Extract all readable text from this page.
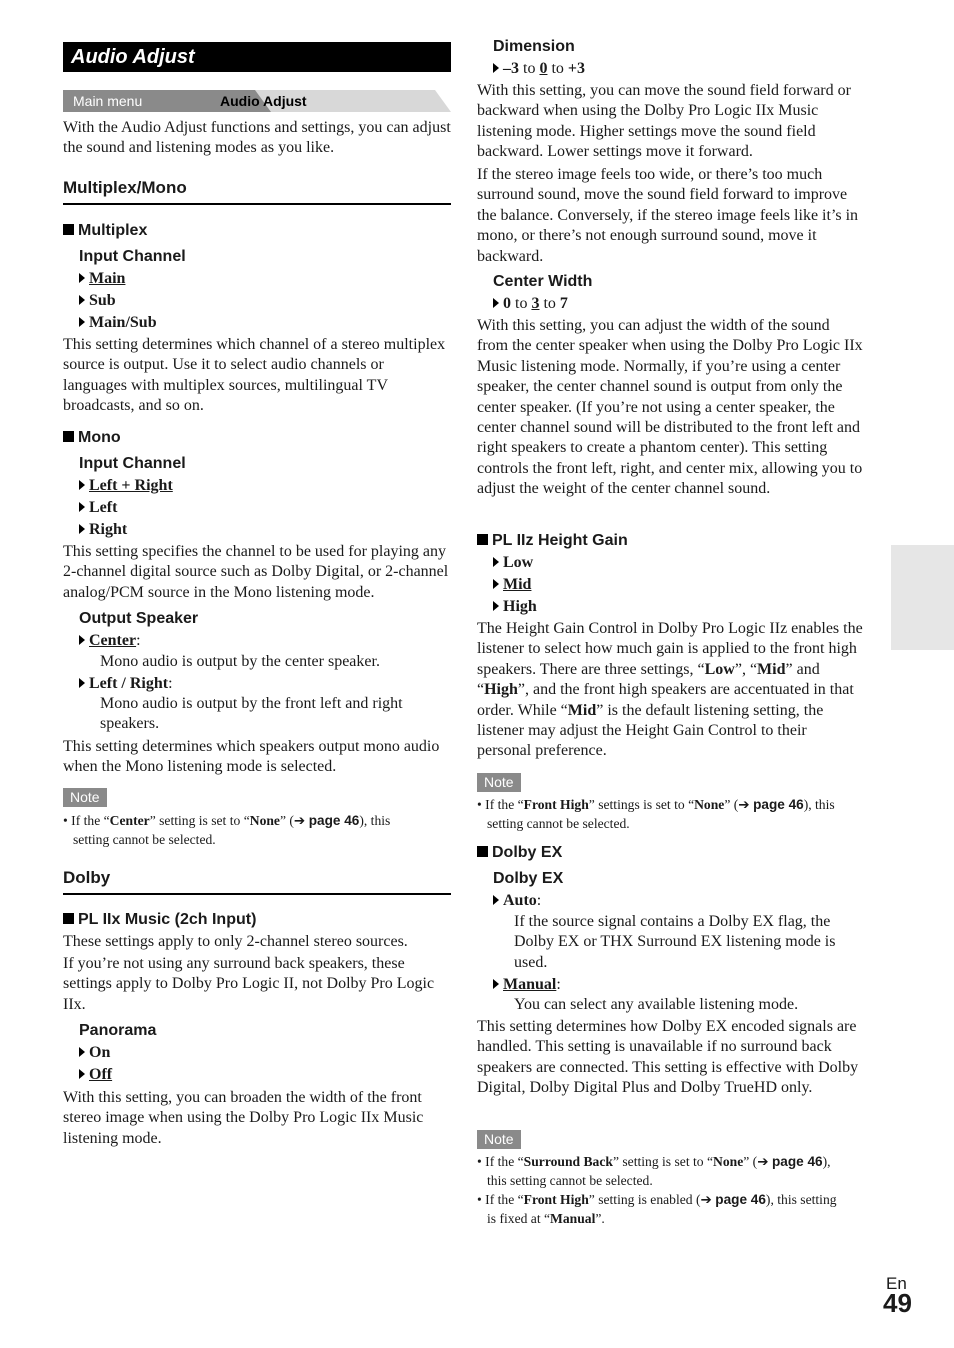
Audio Adjust
Main menu	Audio Adjust
With the Audio Adjust functions and settings, you can adjust the sound and listening modes as you like.
Multiplex/Mono
Multiplex
Input Channel
Main
Sub
Main/Sub
This setting determines which channel of a stereo multiplex source is output. Use it to select audio channels or languages with multiplex sources, multilingual TV broadcasts, and so on.
Mono
Input Channel
Left + Right
Left
Right
This setting specifies the channel to be used for playing any 2-channel digital source such as Dolby Digital, or 2-channel analog/PCM source in the Mono listening mode.
Output Speaker
Center:
Mono audio is output by the center speaker.
Left / Right:
Mono audio is output by the front left and right speakers.
This setting determines which speakers output mono audio when the Mono listening mode is selected.
Note
• If the “Center” setting is set to “None” (➔ page 46), this
setting cannot be selected.
Dolby
PL IIx Music (2ch Input)
These settings apply to only 2-channel stereo sources.
If you’re not using any surround back speakers, these settings apply to Dolby Pro Logic II, not Dolby Pro Logic IIx.
Panorama
On
Off
With this setting, you can broaden the width of the front stereo image when using the Dolby Pro Logic IIx Music listening mode.
Dimension
–3 to 0 to +3
With this setting, you can move the sound field forward or backward when using the Dolby Pro Logic IIx Music listening mode. Higher settings move the sound field backward. Lower settings move it forward.
If the stereo image feels too wide, or there’s too much surround sound, move the sound field forward to improve the balance. Conversely, if the stereo image feels like it’s in mono, or there’s not enough surround sound, move it backward.
Center Width
0 to 3 to 7
With this setting, you can adjust the width of the sound from the center speaker when using the Dolby Pro Logic IIx Music listening mode. Normally, if you’re using a center speaker, the center channel sound is output from only the center speaker. (If you’re not using a center speaker, the center channel sound will be distributed to the front left and right speakers to create a phantom center). This setting controls the front left, right, and center mix, allowing you to adjust the weight of the center channel sound.
PL IIz Height Gain
Low
Mid
High
The Height Gain Control in Dolby Pro Logic IIz enables the listener to select how much gain is applied to the front high speakers. There are three settings, “Low”, “Mid” and “High”, and the front high speakers are accentuated in that order. While “Mid” is the default listening setting, the listener may adjust the Height Gain Control to their personal preference.
Note
• If the “Front High” settings is set to “None” (➔ page 46), this
setting cannot be selected.
Dolby EX
Dolby EX
Auto:
If the source signal contains a Dolby EX flag, the Dolby EX or THX Surround EX listening mode is used.
Manual:
You can select any available listening mode.
This setting determines how Dolby EX encoded signals are handled. This setting is unavailable if no surround back speakers are connected. This setting is effective with Dolby Digital, Dolby Digital Plus and Dolby TrueHD only.
Note
• If the “Surround Back” setting is set to “None” (➔ page 46),
this setting cannot be selected.
• If the “Front High” setting is enabled (➔ page 46), this setting
is fixed at “Manual”.
En
49
